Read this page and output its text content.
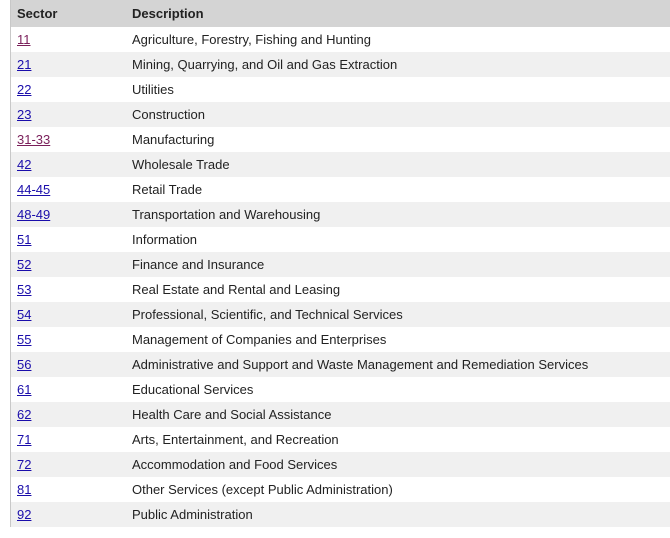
Sector	Description
11	Agriculture, Forestry, Fishing and Hunting
21	Mining, Quarrying, and Oil and Gas Extraction
22	Utilities
23	Construction
31-33	Manufacturing
42	Wholesale Trade
44-45	Retail Trade
48-49	Transportation and Warehousing
51	Information
52	Finance and Insurance
53	Real Estate and Rental and Leasing
54	Professional, Scientific, and Technical Services
55	Management of Companies and Enterprises
56	Administrative and Support and Waste Management and Remediation Services
61	Educational Services
62	Health Care and Social Assistance
71	Arts, Entertainment, and Recreation
72	Accommodation and Food Services
81	Other Services (except Public Administration)
92	Public Administration
